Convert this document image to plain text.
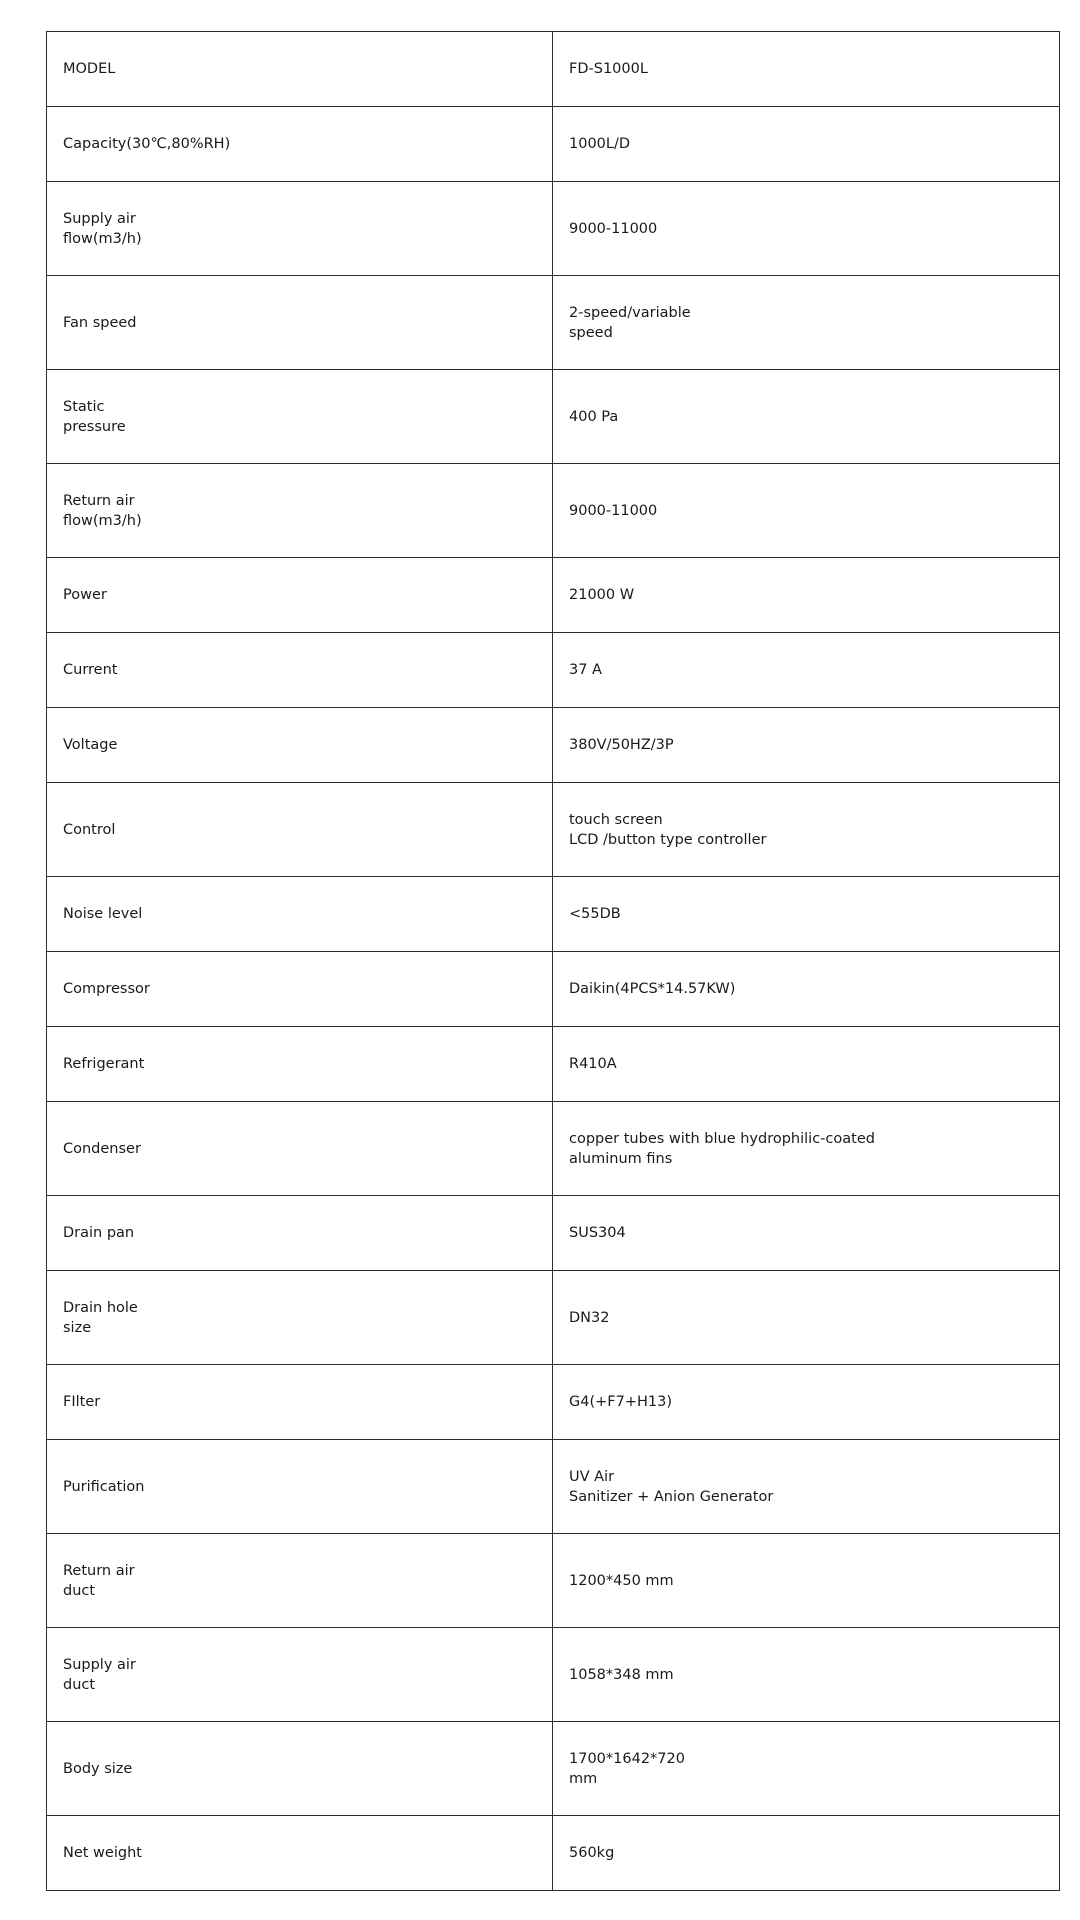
MODEL	FD-S1000L
Capacity(30℃,80%RH)	1000L/D
Supply air
flow(m3/h)	9000-11000
Fan speed	2-speed/variable
speed
Static
pressure	400 Pa
Return air
flow(m3/h)	9000-11000
Power	21000 W
Current	37 A
Voltage	380V/50HZ/3P
Control	touch screen
LCD /button type controller
Noise level	<55DB
Compressor	Daikin(4PCS*14.57KW)
Refrigerant	R410A
Condenser	copper tubes with blue hydrophilic-coated
aluminum fins
Drain pan	SUS304
Drain hole
size	DN32
FIlter	G4(+F7+H13)
Purification	UV Air
Sanitizer + Anion Generator
Return air
duct	1200*450 mm
Supply air
duct	1058*348 mm
Body size	1700*1642*720
mm
Net weight	560kg
